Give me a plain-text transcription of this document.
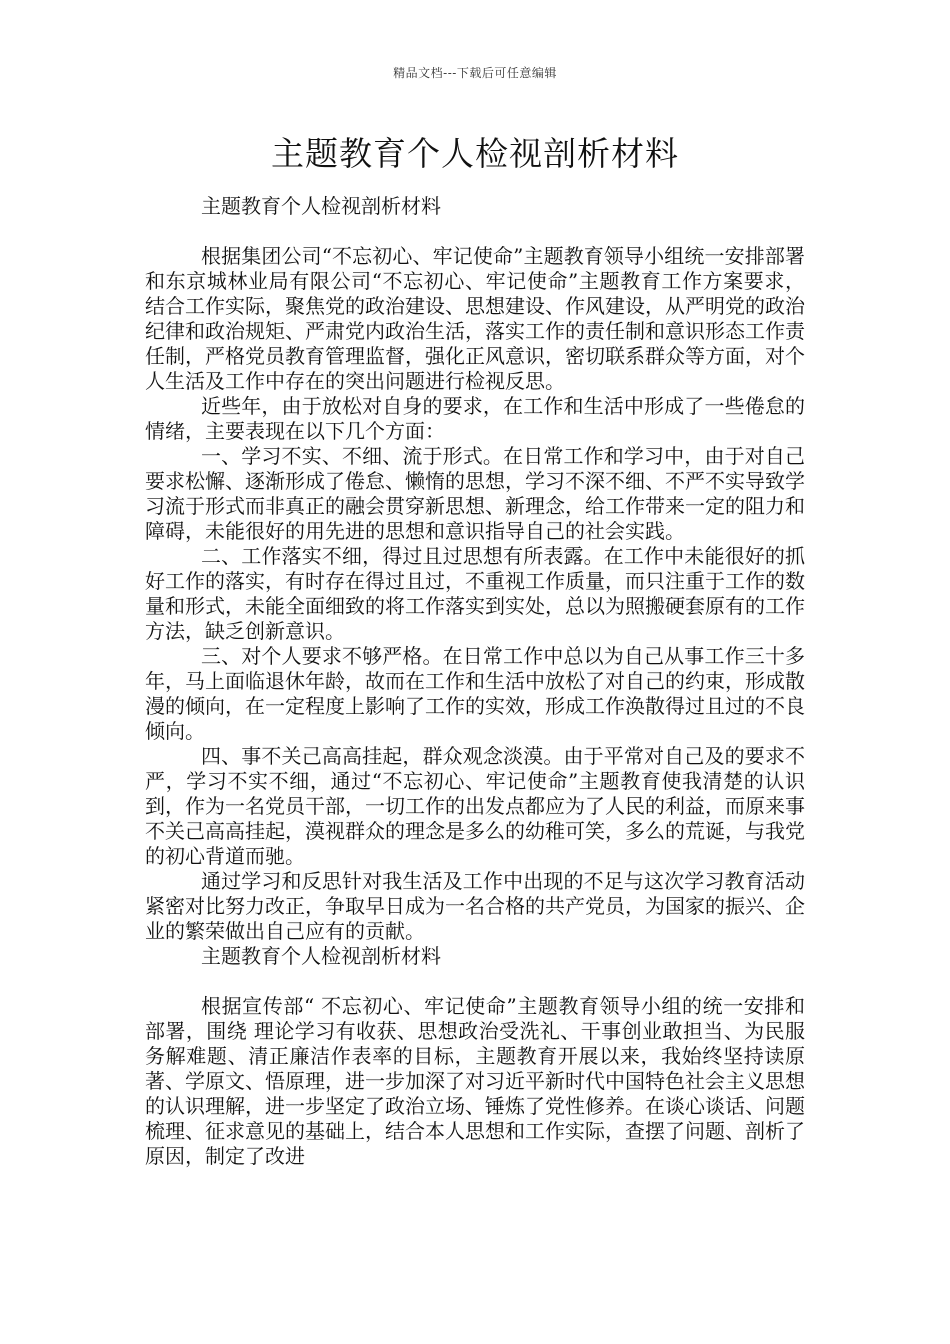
精品文档---下载后可任意编辑
主题教育个人检视剖析材料

主题教育个人检视剖析材料

根据集团公司“不忘初心、牢记使命”主题教育领导小组统一安排部署和东京城林业局有限公司“不忘初心、牢记使命”主题教育工作方案要求，结合工作实际，聚焦党的政治建设、思想建设、作风建设，从严明党的政治纪律和政治规矩、严肃党内政治生活，落实工作的责任制和意识形态工作责任制，严格党员教育管理监督，强化正风意识，密切联系群众等方面，对个人生活及工作中存在的突出问题进行检视反思。

近些年，由于放松对自身的要求，在工作和生活中形成了一些倦怠的情绪，主要表现在以下几个方面：

一、学习不实、不细、流于形式。在日常工作和学习中，由于对自己要求松懈、逐渐形成了倦怠、懒惰的思想，学习不深不细、不严不实导致学习流于形式而非真正的融会贯穿新思想、新理念，给工作带来一定的阻力和障碍，未能很好的用先进的思想和意识指导自己的社会实践。

二、工作落实不细，得过且过思想有所表露。在工作中未能很好的抓好工作的落实，有时存在得过且过，不重视工作质量，而只注重于工作的数量和形式，未能全面细致的将工作落实到实处，总以为照搬硬套原有的工作方法，缺乏创新意识。

三、对个人要求不够严格。在日常工作中总以为自己从事工作三十多年，马上面临退休年龄，故而在工作和生活中放松了对自己的约束，形成散漫的倾向，在一定程度上影响了工作的实效，形成工作涣散得过且过的不良倾向。

四、事不关己高高挂起，群众观念淡漠。由于平常对自己及的要求不严，学习不实不细，通过“不忘初心、牢记使命”主题教育使我清楚的认识到，作为一名党员干部，一切工作的出发点都应为了人民的利益，而原来事不关己高高挂起，漠视群众的理念是多么的幼稚可笑，多么的荒诞，与我党的初心背道而驰。

通过学习和反思针对我生活及工作中出现的不足与这次学习教育活动紧密对比努力改正，争取早日成为一名合格的共产党员，为国家的振兴、企业的繁荣做出自己应有的贡献。

主题教育个人检视剖析材料

根据宣传部“ 不忘初心、牢记使命”主题教育领导小组的统一安排和部署，围绕 理论学习有收获、思想政治受洗礼、干事创业敢担当、为民服务解难题、清正廉洁作表率的目标，主题教育开展以来，我始终坚持读原著、学原文、悟原理，进一步加深了对习近平新时代中国特色社会主义思想的认识理解，进一步坚定了政治立场、锤炼了党性修养。在谈心谈话、问题梳理、征求意见的基础上，结合本人思想和工作实际，查摆了问题、剖析了原因，制定了改进
